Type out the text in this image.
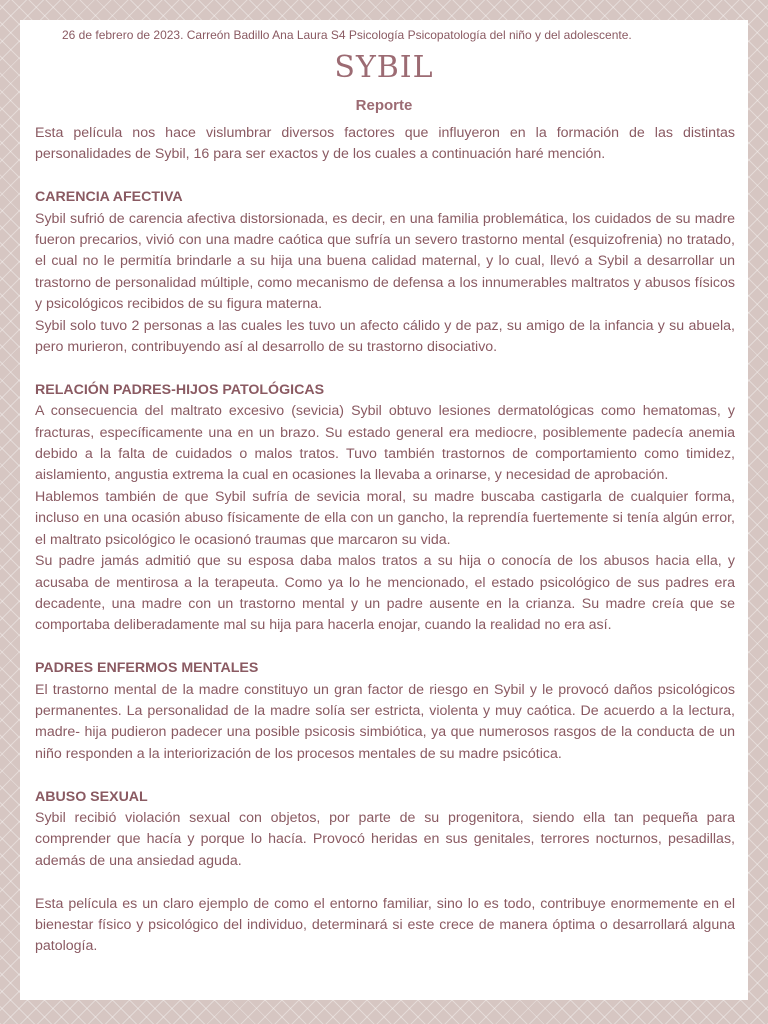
26 de febrero de 2023. Carreón Badillo Ana Laura S4 Psicología Psicopatología del niño y del adolescente.
SYBIL
Reporte

Esta película nos hace vislumbrar diversos factores que influyeron en la formación de las distintas personalidades de Sybil, 16 para ser exactos y de los cuales a continuación haré mención.

CARENCIA AFECTIVA

Sybil sufrió de carencia afectiva distorsionada, es decir, en una familia problemática, los cuidados de su madre fueron precarios, vivió con una madre caótica que sufría un severo trastorno mental (esquizofrenia) no tratado, el cual no le permitía brindarle a su hija una buena calidad maternal, y lo cual, llevó a Sybil a desarrollar un trastorno de personalidad múltiple, como mecanismo de defensa a los innumerables maltratos y abusos físicos y psicológicos recibidos de su figura materna.

Sybil solo tuvo 2 personas a las cuales les tuvo un afecto cálido y de paz, su amigo de la infancia y su abuela, pero murieron, contribuyendo así al desarrollo de su trastorno disociativo.

RELACIÓN PADRES-HIJOS PATOLÓGICAS

A consecuencia del maltrato excesivo (sevicia) Sybil obtuvo lesiones dermatológicas como hematomas, y fracturas, específicamente una en un brazo. Su estado general era mediocre, posiblemente padecía anemia debido a la falta de cuidados o malos tratos. Tuvo también trastornos de comportamiento como timidez, aislamiento, angustia extrema la cual en ocasiones la llevaba a orinarse, y necesidad de aprobación.

Hablemos también de que Sybil sufría de sevicia moral, su madre buscaba castigarla de cualquier forma, incluso en una ocasión abuso físicamente de ella con un gancho, la reprendía fuertemente si tenía algún error, el maltrato psicológico le ocasionó traumas que marcaron su vida.

Su padre jamás admitió que su esposa daba malos tratos a su hija o conocía de los abusos hacia ella, y acusaba de mentirosa a la terapeuta. Como ya lo he mencionado, el estado psicológico de sus padres era decadente, una madre con un trastorno mental y un padre ausente en la crianza. Su madre creía que se comportaba deliberadamente mal su hija para hacerla enojar, cuando la realidad no era así.

PADRES ENFERMOS MENTALES

El trastorno mental de la madre constituyo un gran factor de riesgo en Sybil y le provocó daños psicológicos permanentes. La personalidad de la madre solía ser estricta, violenta y muy caótica. De acuerdo a la lectura, madre- hija pudieron padecer una posible psicosis simbiótica, ya que numerosos rasgos de la conducta de un niño responden a la interiorización de los procesos mentales de su madre psicótica.

ABUSO SEXUAL

Sybil recibió violación sexual con objetos, por parte de su progenitora, siendo ella tan pequeña para comprender que hacía y porque lo hacía. Provocó heridas en sus genitales, terrores nocturnos, pesadillas, además de una ansiedad aguda.

Esta película es un claro ejemplo de como el entorno familiar, sino lo es todo, contribuye enormemente en el bienestar físico y psicológico del individuo, determinará si este crece de manera óptima o desarrollará alguna patología.
